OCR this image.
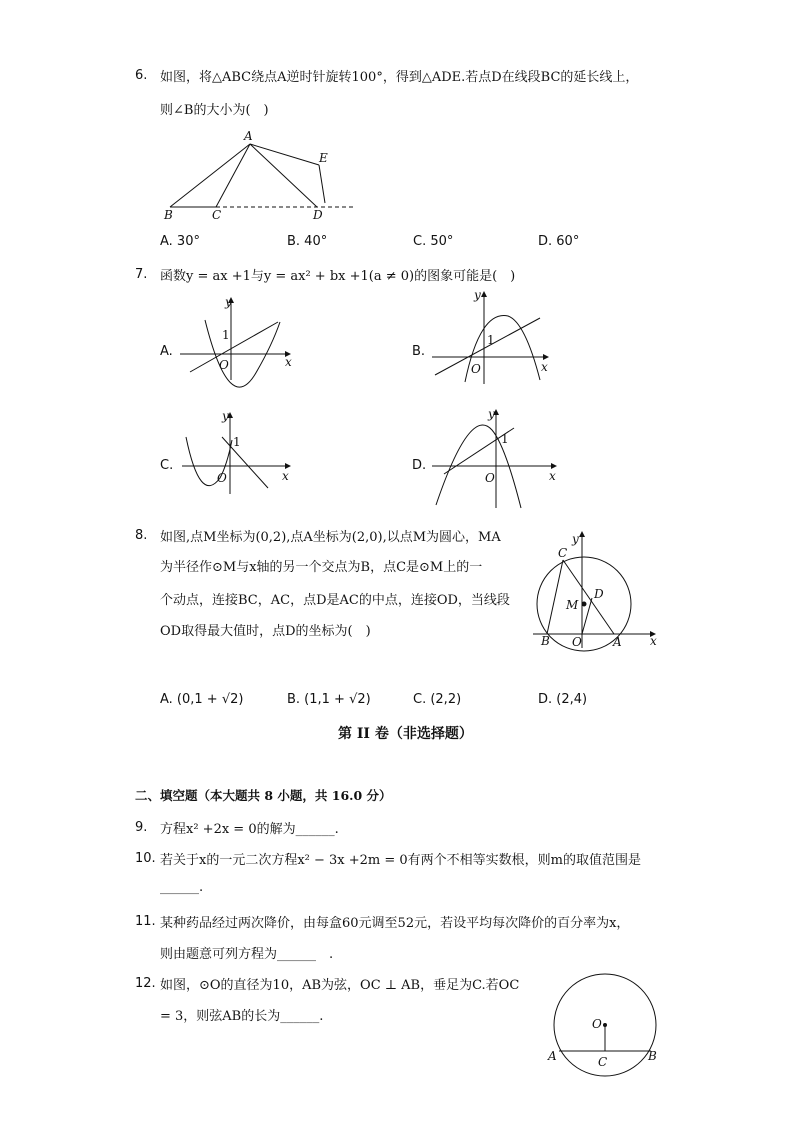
6. 如图，将△ABC绕点A逆时针旋转100°，得到△ADE.若点D在线段BC的延长线上，
则∠B的大小为(　)
A
B	C	D
E
A. 30°	B. 40°	C. 50°	D. 60°
7. 函数y = ax +1与y = ax² + bx +1(a ≠ 0)的图象可能是(　)
y
x
O
1
y
x
O
1
y
x
O
1
y
x
O
1
A.	B.
C.	D.
8. 如图,点M坐标为(0,2),点A坐标为(2,0),以点M为圆心，MA
为半径作⊙M与x轴的另一个交点为B，点C是⊙M上的一
个动点，连接BC，AC，点D是AC的中点，连接OD，当线段
OD取得最大值时，点D的坐标为(　)
y
x
C
D
M
B O	A
A. (0,1 + √2)	B. (1,1 + √2)	C. (2,2)	D. (2,4)
第 II 卷（非选择题）
二、填空题（本大题共 8 小题，共 16.0 分）
9. 方程x² +2x = 0的解为______.
10. 若关于x的一元二次方程x² − 3x +2m = 0有两个不相等实数根，则m的取值范围是
______.
11. 某种药品经过两次降价，由每盒60元调至52元，若设平均每次降价的百分率为x，
则由题意可列方程为______　.
12. 如图，⊙O的直径为10，AB为弦，OC ⊥ AB，垂足为C.若OC
= 3，则弦AB的长为______.	O
A	B
C
